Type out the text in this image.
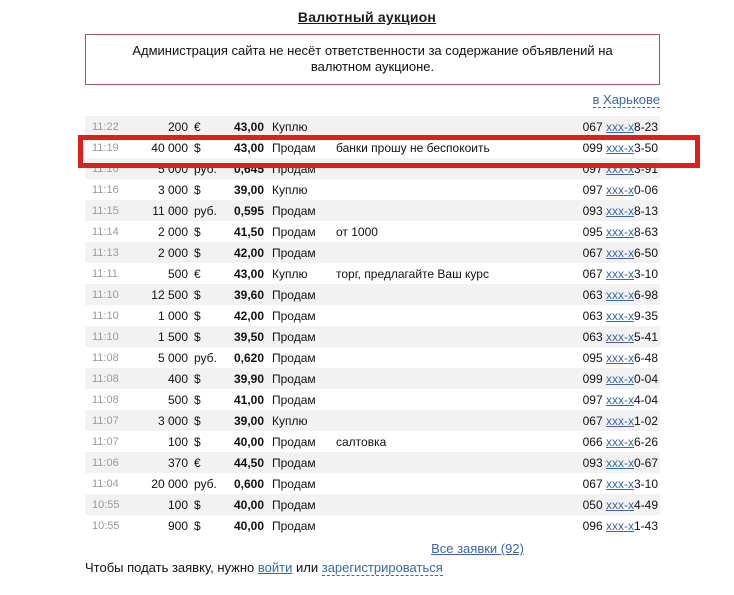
Валютный аукцион
Администрация сайта не несёт ответственности за содержание объявлений на валютном аукционе.
в Харькове
11:22	200 €	43,00 Куплю	067 xxx-x8-23
11:19	40 000 $	43,00 Продам	банки прошу не беспокоить	099 xxx-x3-50
11:16	5 000 руб.	0,645 Продам	097 xxx-x3-91
11:16	3 000 $	39,00 Куплю	097 xxx-x0-06
11:15	11 000 руб.	0,595 Продам	093 xxx-x8-13
11:14	2 000 $	41,50 Продам	от 1000	095 xxx-x8-63
11:13	2 000 $	42,00 Продам	067 xxx-x6-50
11:11	500 €	43,00 Куплю	торг, предлагайте Ваш курс	067 xxx-x3-10
11:10	12 500 $	39,60 Продам	063 xxx-x6-98
11:10	1 000 $	42,00 Продам	063 xxx-x9-35
11:10	1 500 $	39,50 Продам	063 xxx-x5-41
11:08	5 000 руб.	0,620 Продам	095 xxx-x6-48
11:08	400 $	39,90 Продам	099 xxx-x0-04
11:08	500 $	41,00 Продам	097 xxx-x4-04
11:07	3 000 $	39,00 Куплю	067 xxx-x1-02
11:07	100 $	40,00 Продам	салтовка	066 xxx-x6-26
11:06	370 €	44,50 Продам	093 xxx-x0-67
11:04	20 000 руб.	0,600 Продам	067 xxx-x3-10
10:55	100 $	40,00 Продам	050 xxx-x4-49
10:55	900 $	40,00 Продам	096 xxx-x1-43
Все заявки (92)
Чтобы подать заявку, нужно войти или зарегистрироваться
